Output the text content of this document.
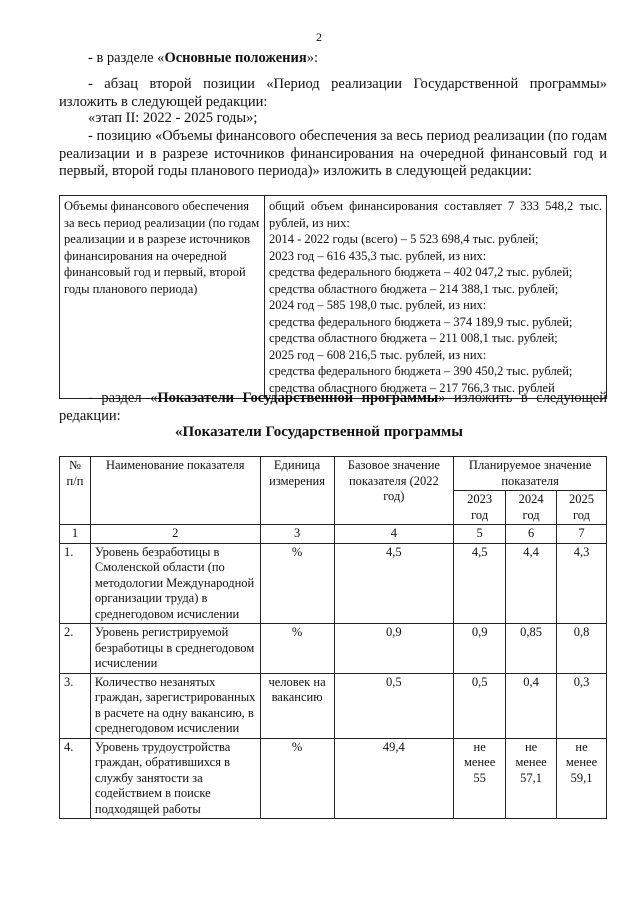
2
- в разделе «Основные положения»:
- абзац второй позиции «Период реализации Государственной программы» изложить в следующей редакции:
«этап II: 2022 - 2025 годы»;
- позицию «Объемы финансового обеспечения за весь период реализации (по годам реализации и в разрезе источников финансирования на очередной финансовый год и первый, второй годы планового периода)» изложить в следующей редакции:
Объемы финансового обеспечения за весь период реализации (по годам реализации и в разрезе источников финансирования на очередной финансовый год и первый, второй годы планового периода)	
общий объем финансирования составляет 7 333 548,2 тыс.
рублей, из них:
2014 - 2022 годы (всего) – 5 523 698,4 тыс. рублей;
2023 год – 616 435,3 тыс. рублей, из них:
средства федерального бюджета – 402 047,2 тыс. рублей;
средства областного бюджета – 214 388,1 тыс. рублей;
2024 год – 585 198,0 тыс. рублей, из них:
средства федерального бюджета – 374 189,9 тыс. рублей;
средства областного бюджета – 211 008,1 тыс. рублей;
2025 год – 608 216,5 тыс. рублей, из них:
средства федерального бюджета – 390 450,2 тыс. рублей;
средства областного бюджета – 217 766,3 тыс. рублей
- раздел «Показатели Государственной программы» изложить в следующей редакции:
«Показатели Государственной программы
№ п/п	Наименование показателя	Единица измерения	Базовое значение показателя (2022 год)	Планируемое значение показателя		
				2023 год	2024 год	2025 год
1	2	3	4	5	6	7
1.	Уровень безработицы в Смоленской области (по методологии Международной организации труда) в среднегодовом исчислении	%	4,5	4,5	4,4	4,3
2.	Уровень регистрируемой безработицы в среднегодовом исчислении	%	0,9	0,9	0,85	0,8
3.	Количество незанятых граждан, зарегистрированных в расчете на одну вакансию, в среднегодовом исчислении	человек на вакансию	0,5	0,5	0,4	0,3
4.	Уровень трудоустройства граждан, обратившихся в службу занятости за содействием в поиске подходящей работы	%	49,4	не менее 55	не менее 57,1	не менее 59,1
